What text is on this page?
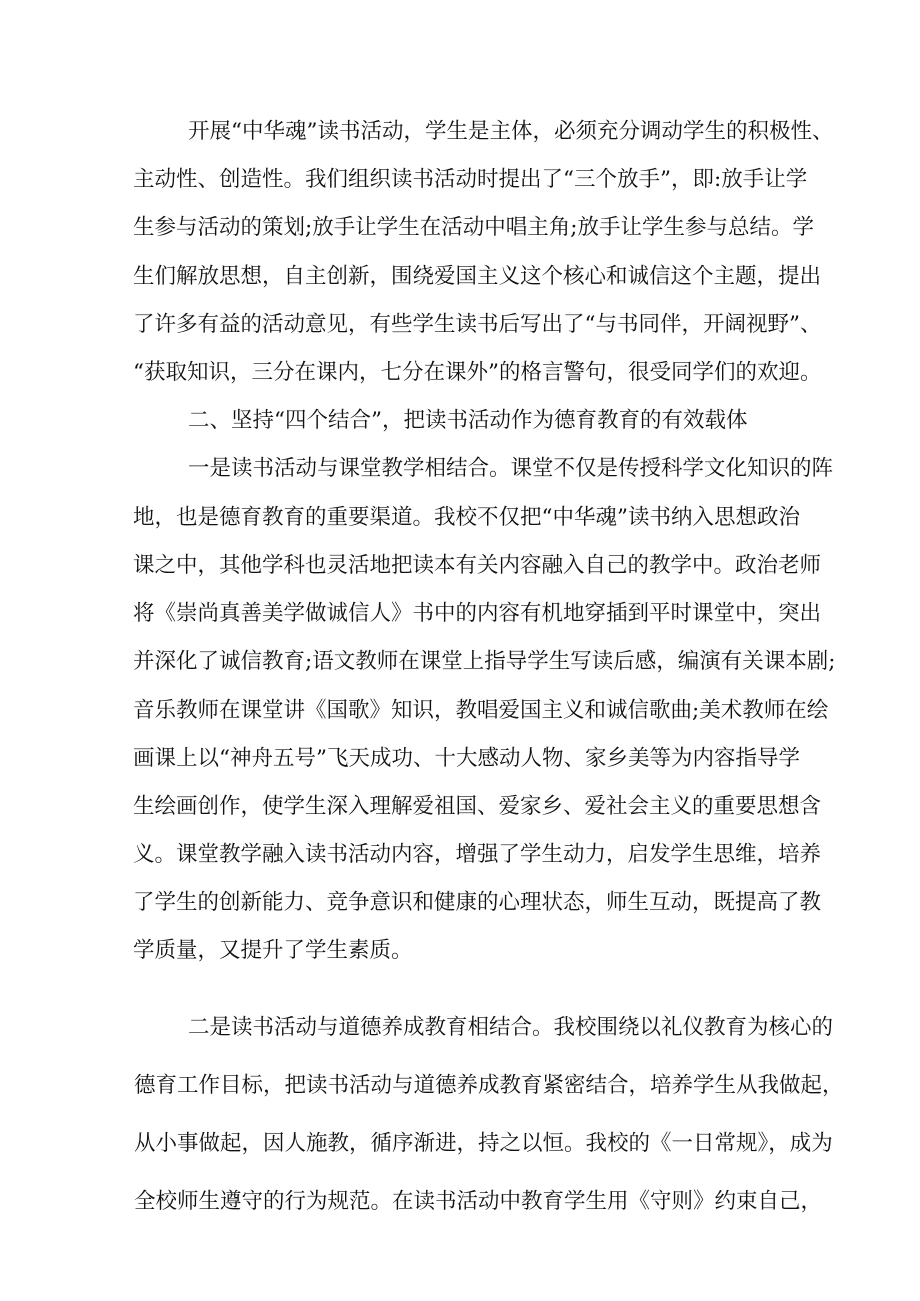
开展“中华魂”读书活动，学生是主体，必须充分调动学生的积极性、
主动性、创造性。我们组织读书活动时提出了“三个放手”，即:放手让学
生参与活动的策划;放手让学生在活动中唱主角;放手让学生参与总结。学
生们解放思想，自主创新，围绕爱国主义这个核心和诚信这个主题，提出
了许多有益的活动意见，有些学生读书后写出了“与书同伴，开阔视野”、
“获取知识，三分在课内，七分在课外”的格言警句，很受同学们的欢迎。
二、坚持“四个结合”，把读书活动作为德育教育的有效载体
一是读书活动与课堂教学相结合。课堂不仅是传授科学文化知识的阵
地，也是德育教育的重要渠道。我校不仅把“中华魂”读书纳入思想政治
课之中，其他学科也灵活地把读本有关内容融入自己的教学中。政治老师
将《崇尚真善美学做诚信人》书中的内容有机地穿插到平时课堂中，突出
并深化了诚信教育;语文教师在课堂上指导学生写读后感，编演有关课本剧;
音乐教师在课堂讲《国歌》知识，教唱爱国主义和诚信歌曲;美术教师在绘
画课上以“神舟五号”飞天成功、十大感动人物、家乡美等为内容指导学
生绘画创作，使学生深入理解爱祖国、爱家乡、爱社会主义的重要思想含
义。课堂教学融入读书活动内容，增强了学生动力，启发学生思维，培养
了学生的创新能力、竞争意识和健康的心理状态，师生互动，既提高了教
学质量，又提升了学生素质。
二是读书活动与道德养成教育相结合。我校围绕以礼仪教育为核心的
德育工作目标，把读书活动与道德养成教育紧密结合，培养学生从我做起，
从小事做起，因人施教，循序渐进，持之以恒。我校的《一日常规》，成为
全校师生遵守的行为规范。在读书活动中教育学生用《守则》约束自己，
